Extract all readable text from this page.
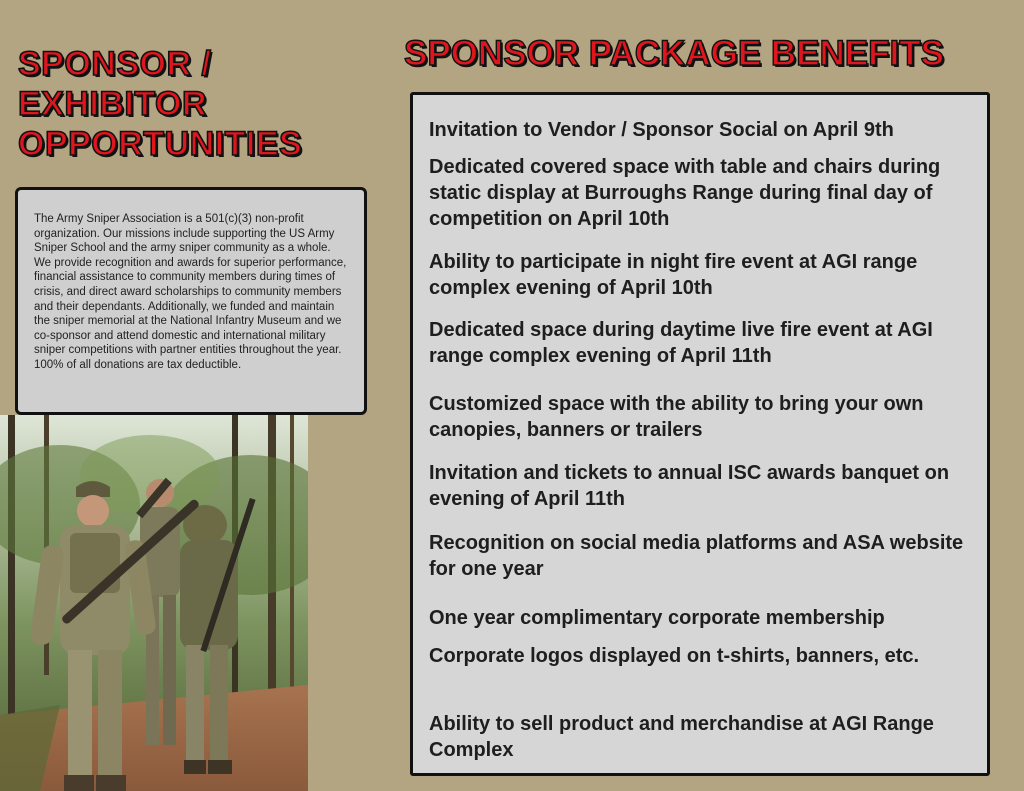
SPONSOR /
EXHIBITOR
OPPORTUNITIES
SPONSOR PACKAGE BENEFITS
The Army Sniper Association is a 501(c)(3) non-profit organization. Our missions include supporting the US Army Sniper School and the army sniper community as a whole. We provide recognition and awards for superior performance, financial assistance to community members during times of crisis, and direct award scholarships to community members and their dependants. Additionally, we funded and maintain the sniper memorial at the National Infantry Museum and we co-sponsor and attend domestic and international military sniper competitions with partner entities throughout the year. 100% of all donations are tax deductible.

Invitation to Vendor / Sponsor Social on April 9th

Dedicated covered space with table and chairs during static display at Burroughs Range during final day of competition on April 10th

Ability to participate in night fire event at AGI range complex evening of April 10th

Dedicated space during daytime live fire event at AGI range complex evening of April 11th

Customized space with the ability to bring your own canopies, banners or trailers

Invitation and tickets to annual ISC awards banquet on evening of April 11th

Recognition on social media platforms and ASA website for one year

One year complimentary corporate membership

Corporate logos displayed on t-shirts, banners, etc.

Ability to sell product and merchandise at AGI Range Complex
